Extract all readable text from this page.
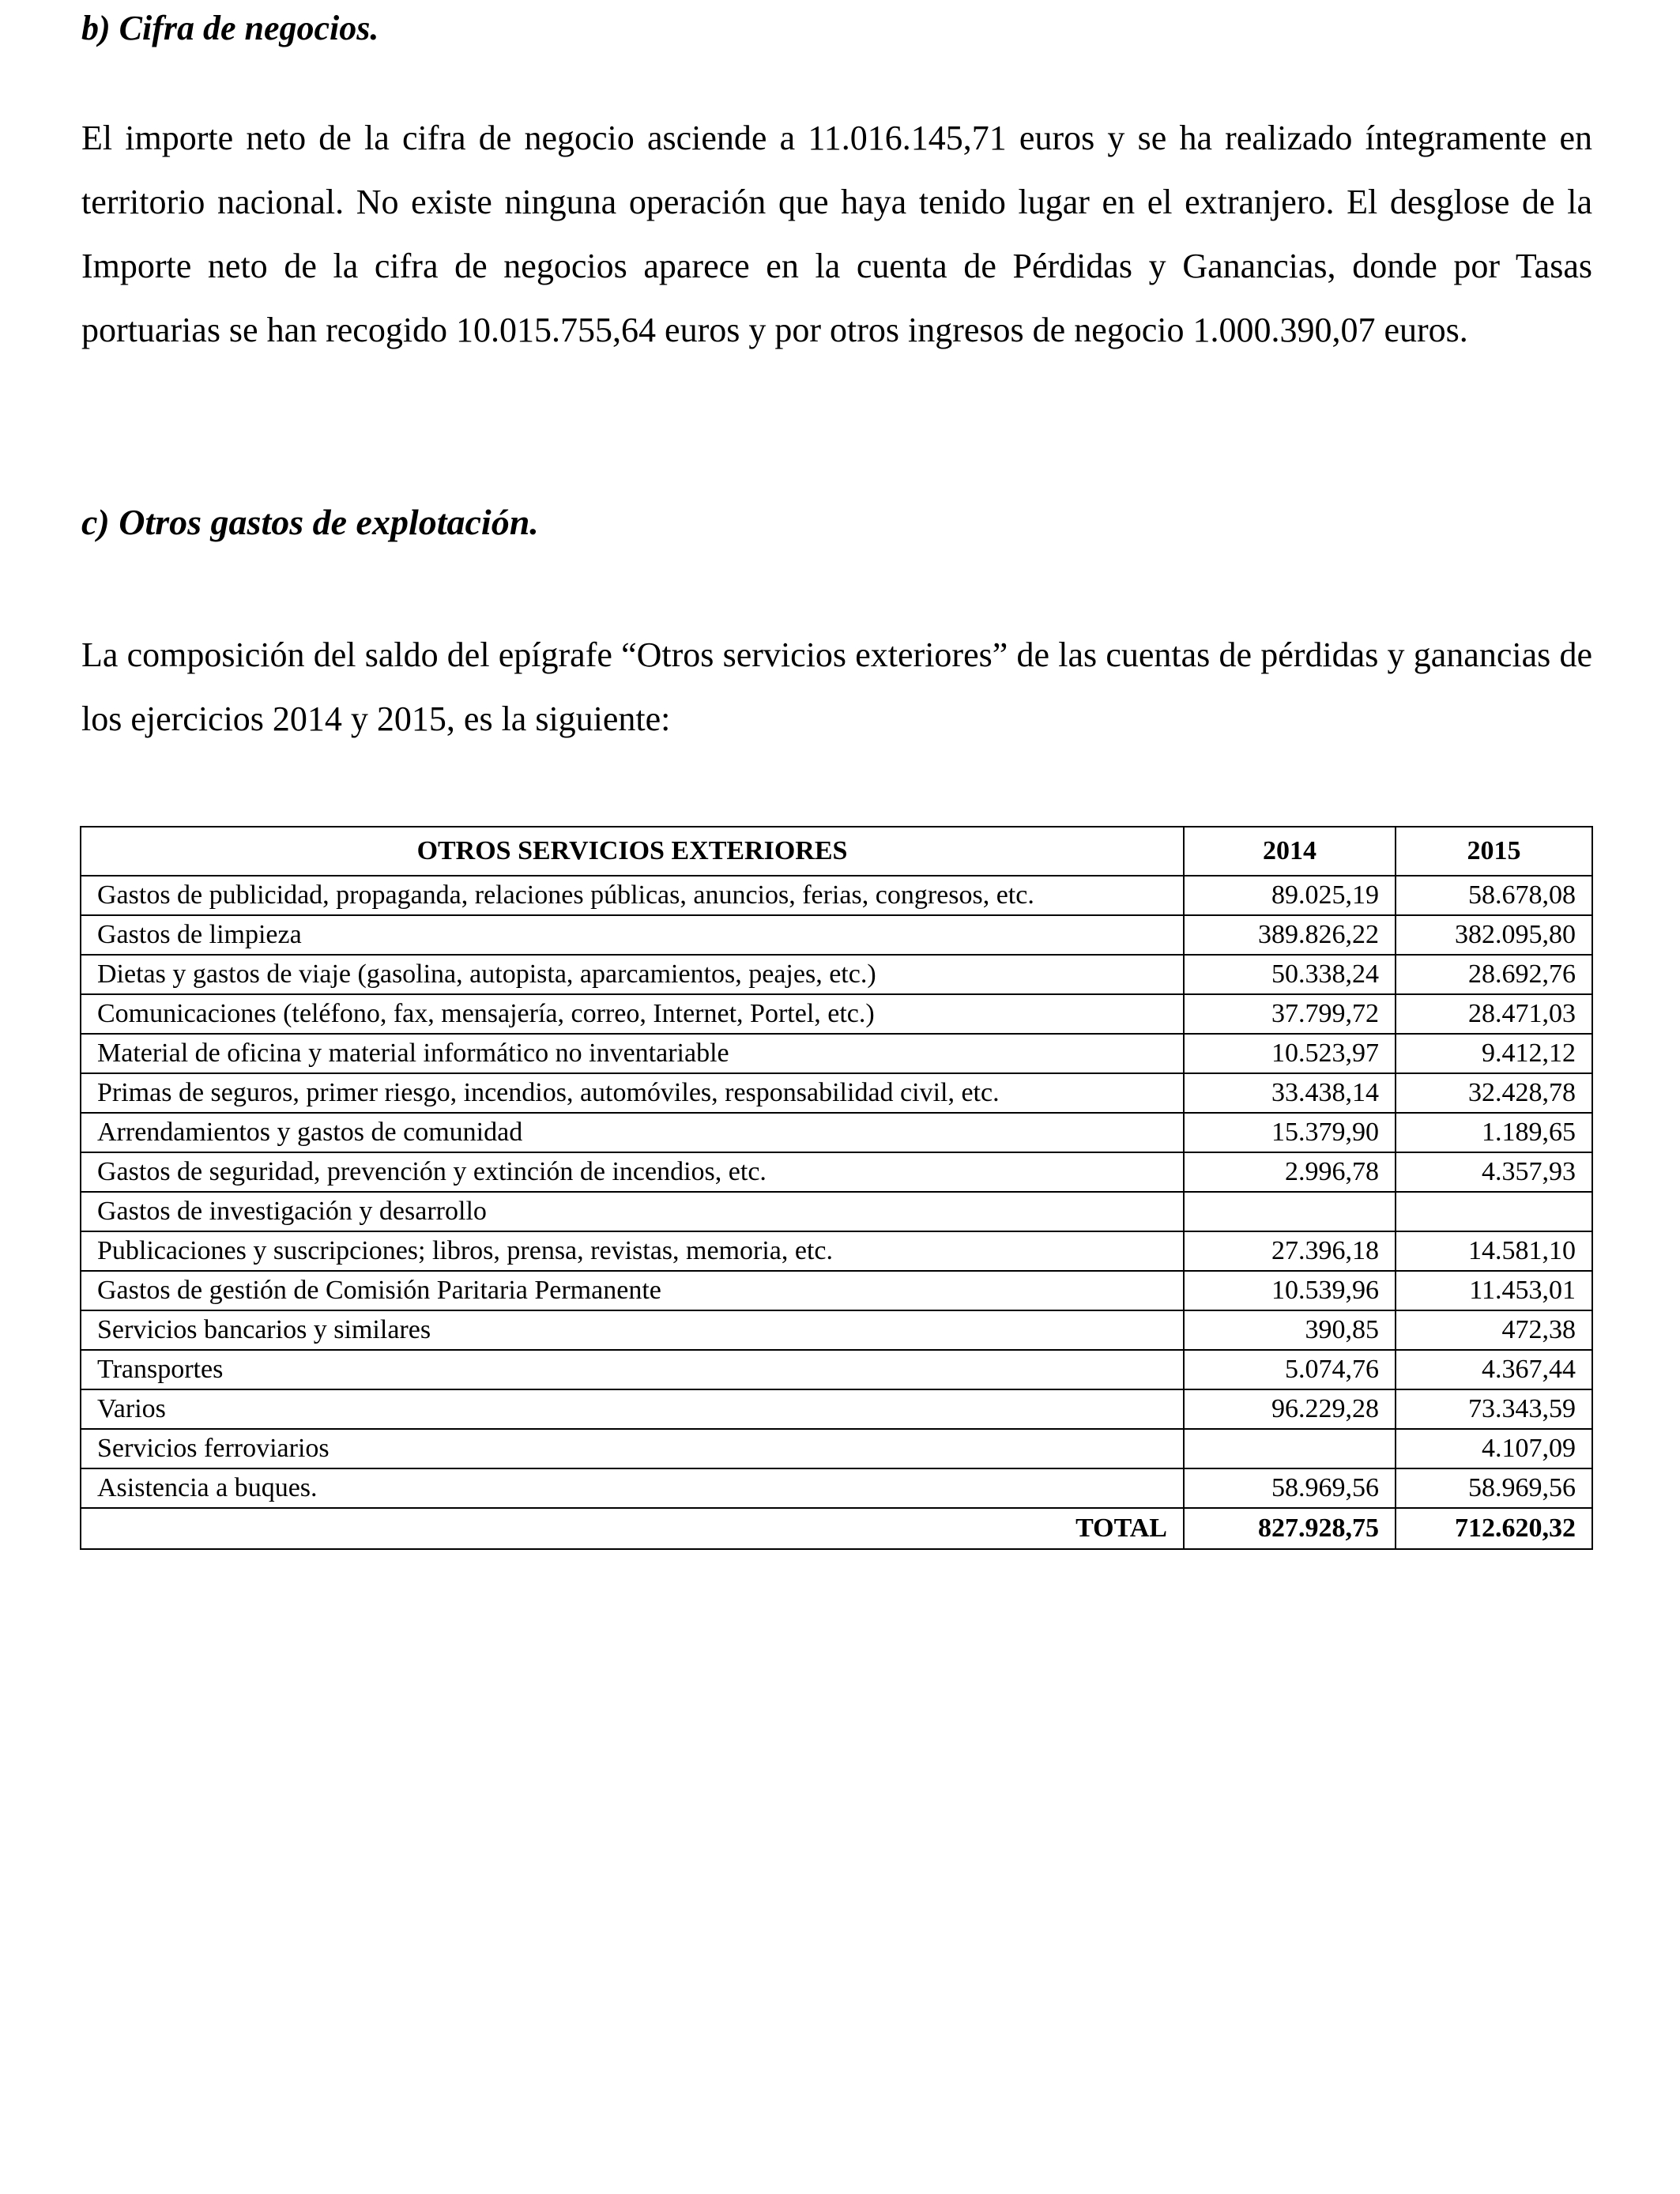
b) Cifra de negocios.

El importe neto de la cifra de negocio asciende a 11.016.145,71 euros y se ha realizado íntegramente en territorio nacional. No existe ninguna operación que haya tenido lugar en el extranjero. El desglose de la Importe neto de la cifra de negocios aparece en la cuenta de Pérdidas y Ganancias, donde por Tasas portuarias se han recogido 10.015.755,64 euros y por otros ingresos de negocio 1.000.390,07 euros.

c) Otros gastos de explotación.

La composición del saldo del epígrafe “Otros servicios exteriores” de las cuentas de pérdidas y ganancias de los ejercicios 2014 y 2015, es la siguiente:

OTROS SERVICIOS EXTERIORES	2014	2015
Gastos de publicidad, propaganda, relaciones públicas, anuncios, ferias, congresos, etc.	89.025,19	58.678,08
Gastos de limpieza	389.826,22	382.095,80
Dietas y gastos de viaje (gasolina, autopista, aparcamientos, peajes, etc.)	50.338,24	28.692,76
Comunicaciones (teléfono, fax, mensajería, correo, Internet, Portel, etc.)	37.799,72	28.471,03
Material de oficina y material informático no inventariable	10.523,97	9.412,12
Primas de seguros, primer riesgo, incendios, automóviles, responsabilidad civil, etc.	33.438,14	32.428,78
Arrendamientos y gastos de comunidad	15.379,90	1.189,65
Gastos de seguridad, prevención y extinción de incendios, etc.	2.996,78	4.357,93
Gastos de investigación y desarrollo		
Publicaciones y suscripciones; libros, prensa, revistas, memoria, etc.	27.396,18	14.581,10
Gastos de gestión de Comisión Paritaria Permanente	10.539,96	11.453,01
Servicios bancarios y similares	390,85	472,38
Transportes	5.074,76	4.367,44
Varios	96.229,28	73.343,59
Servicios ferroviarios		4.107,09
Asistencia a buques.	58.969,56	58.969,56
TOTAL	827.928,75	712.620,32
